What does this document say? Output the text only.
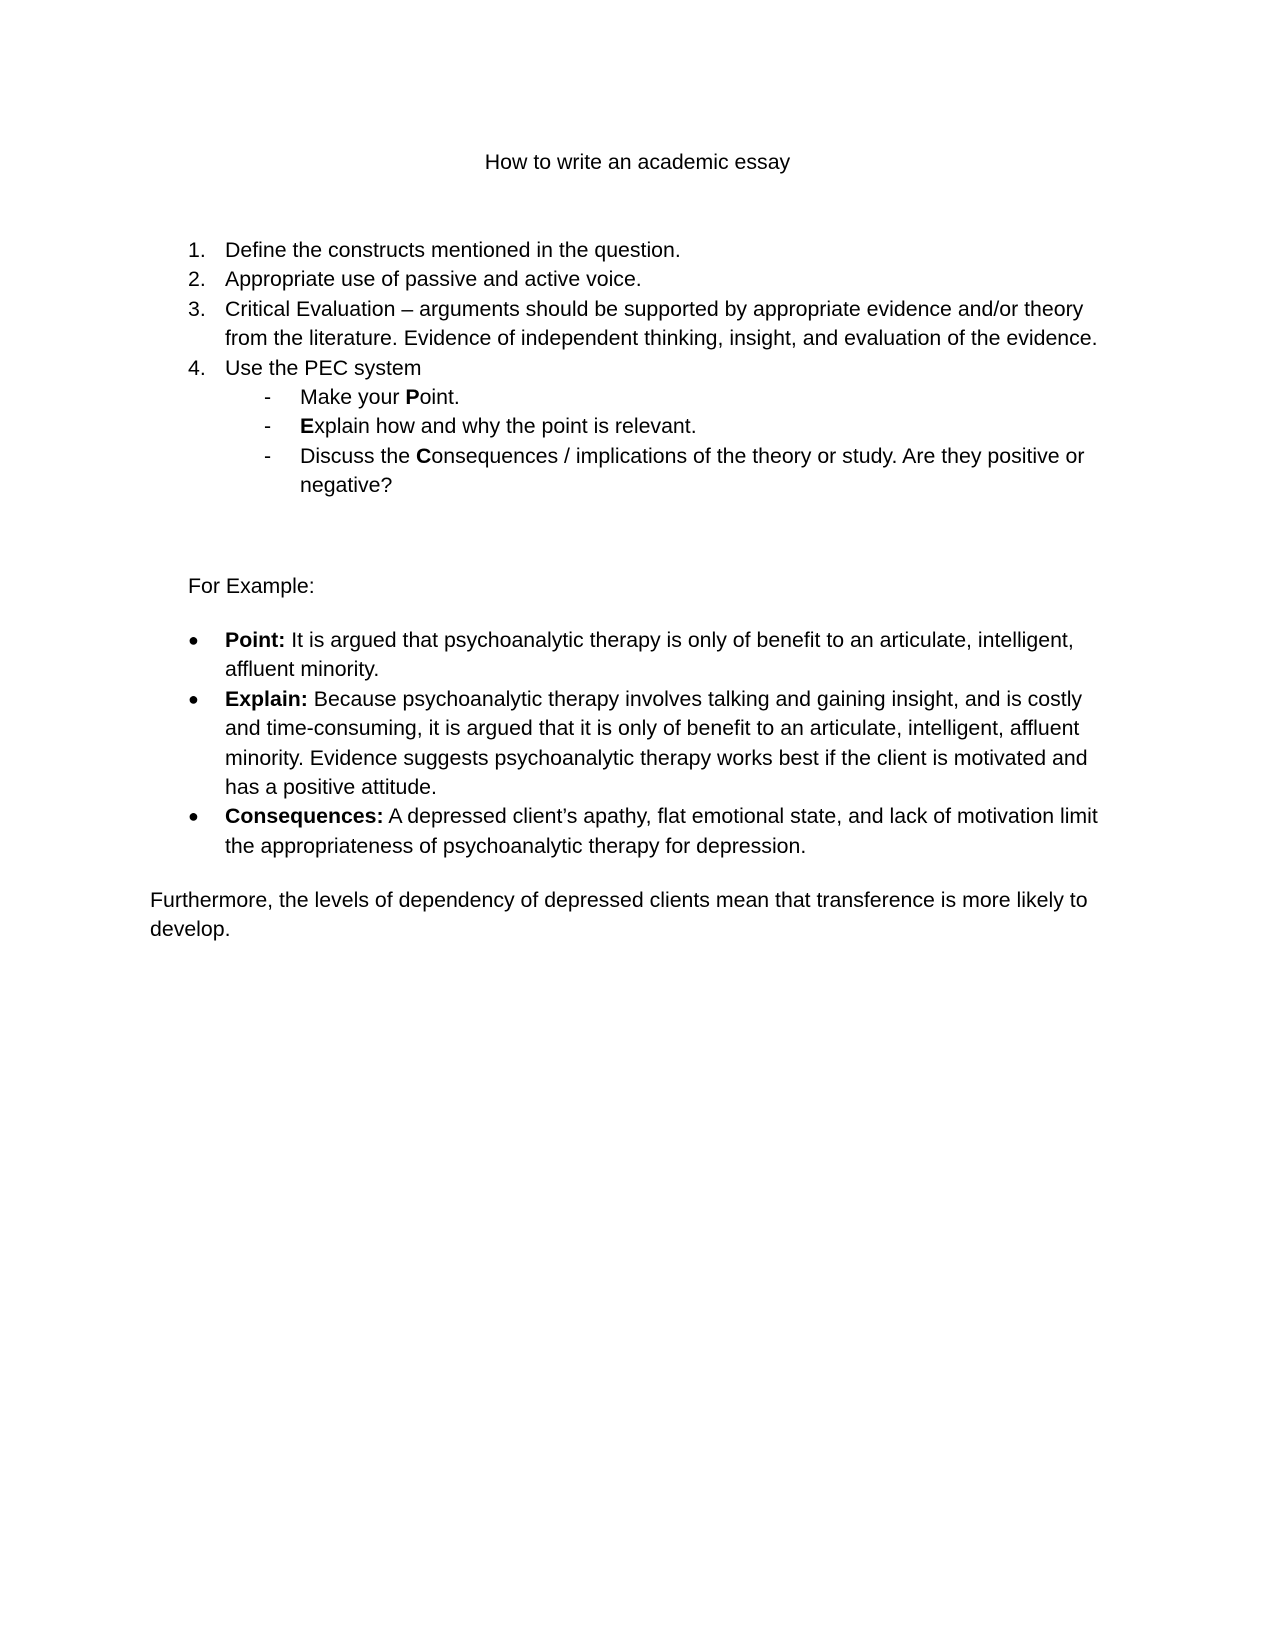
How to write an academic essay

1. Define the constructs mentioned in the question.

2. Appropriate use of passive and active voice.

3. Critical Evaluation – arguments should be supported by appropriate evidence and/or theory from the literature. Evidence of independent thinking, insight, and evaluation of the evidence.

4. Use the PEC system

-	Make your Point.

-	Explain how and why the point is relevant.

-	Discuss the Consequences / implications of the theory or study. Are they positive or negative?

For Example:

●	Point: It is argued that psychoanalytic therapy is only of benefit to an articulate, intelligent, affluent minority.

●	Explain: Because psychoanalytic therapy involves talking and gaining insight, and is costly and time-consuming, it is argued that it is only of benefit to an articulate, intelligent, affluent minority. Evidence suggests psychoanalytic therapy works best if the client is motivated and has a positive attitude.

●	Consequences: A depressed client’s apathy, flat emotional state, and lack of motivation limit the appropriateness of psychoanalytic therapy for depression.

Furthermore, the levels of dependency of depressed clients mean that transference is more likely to develop.
